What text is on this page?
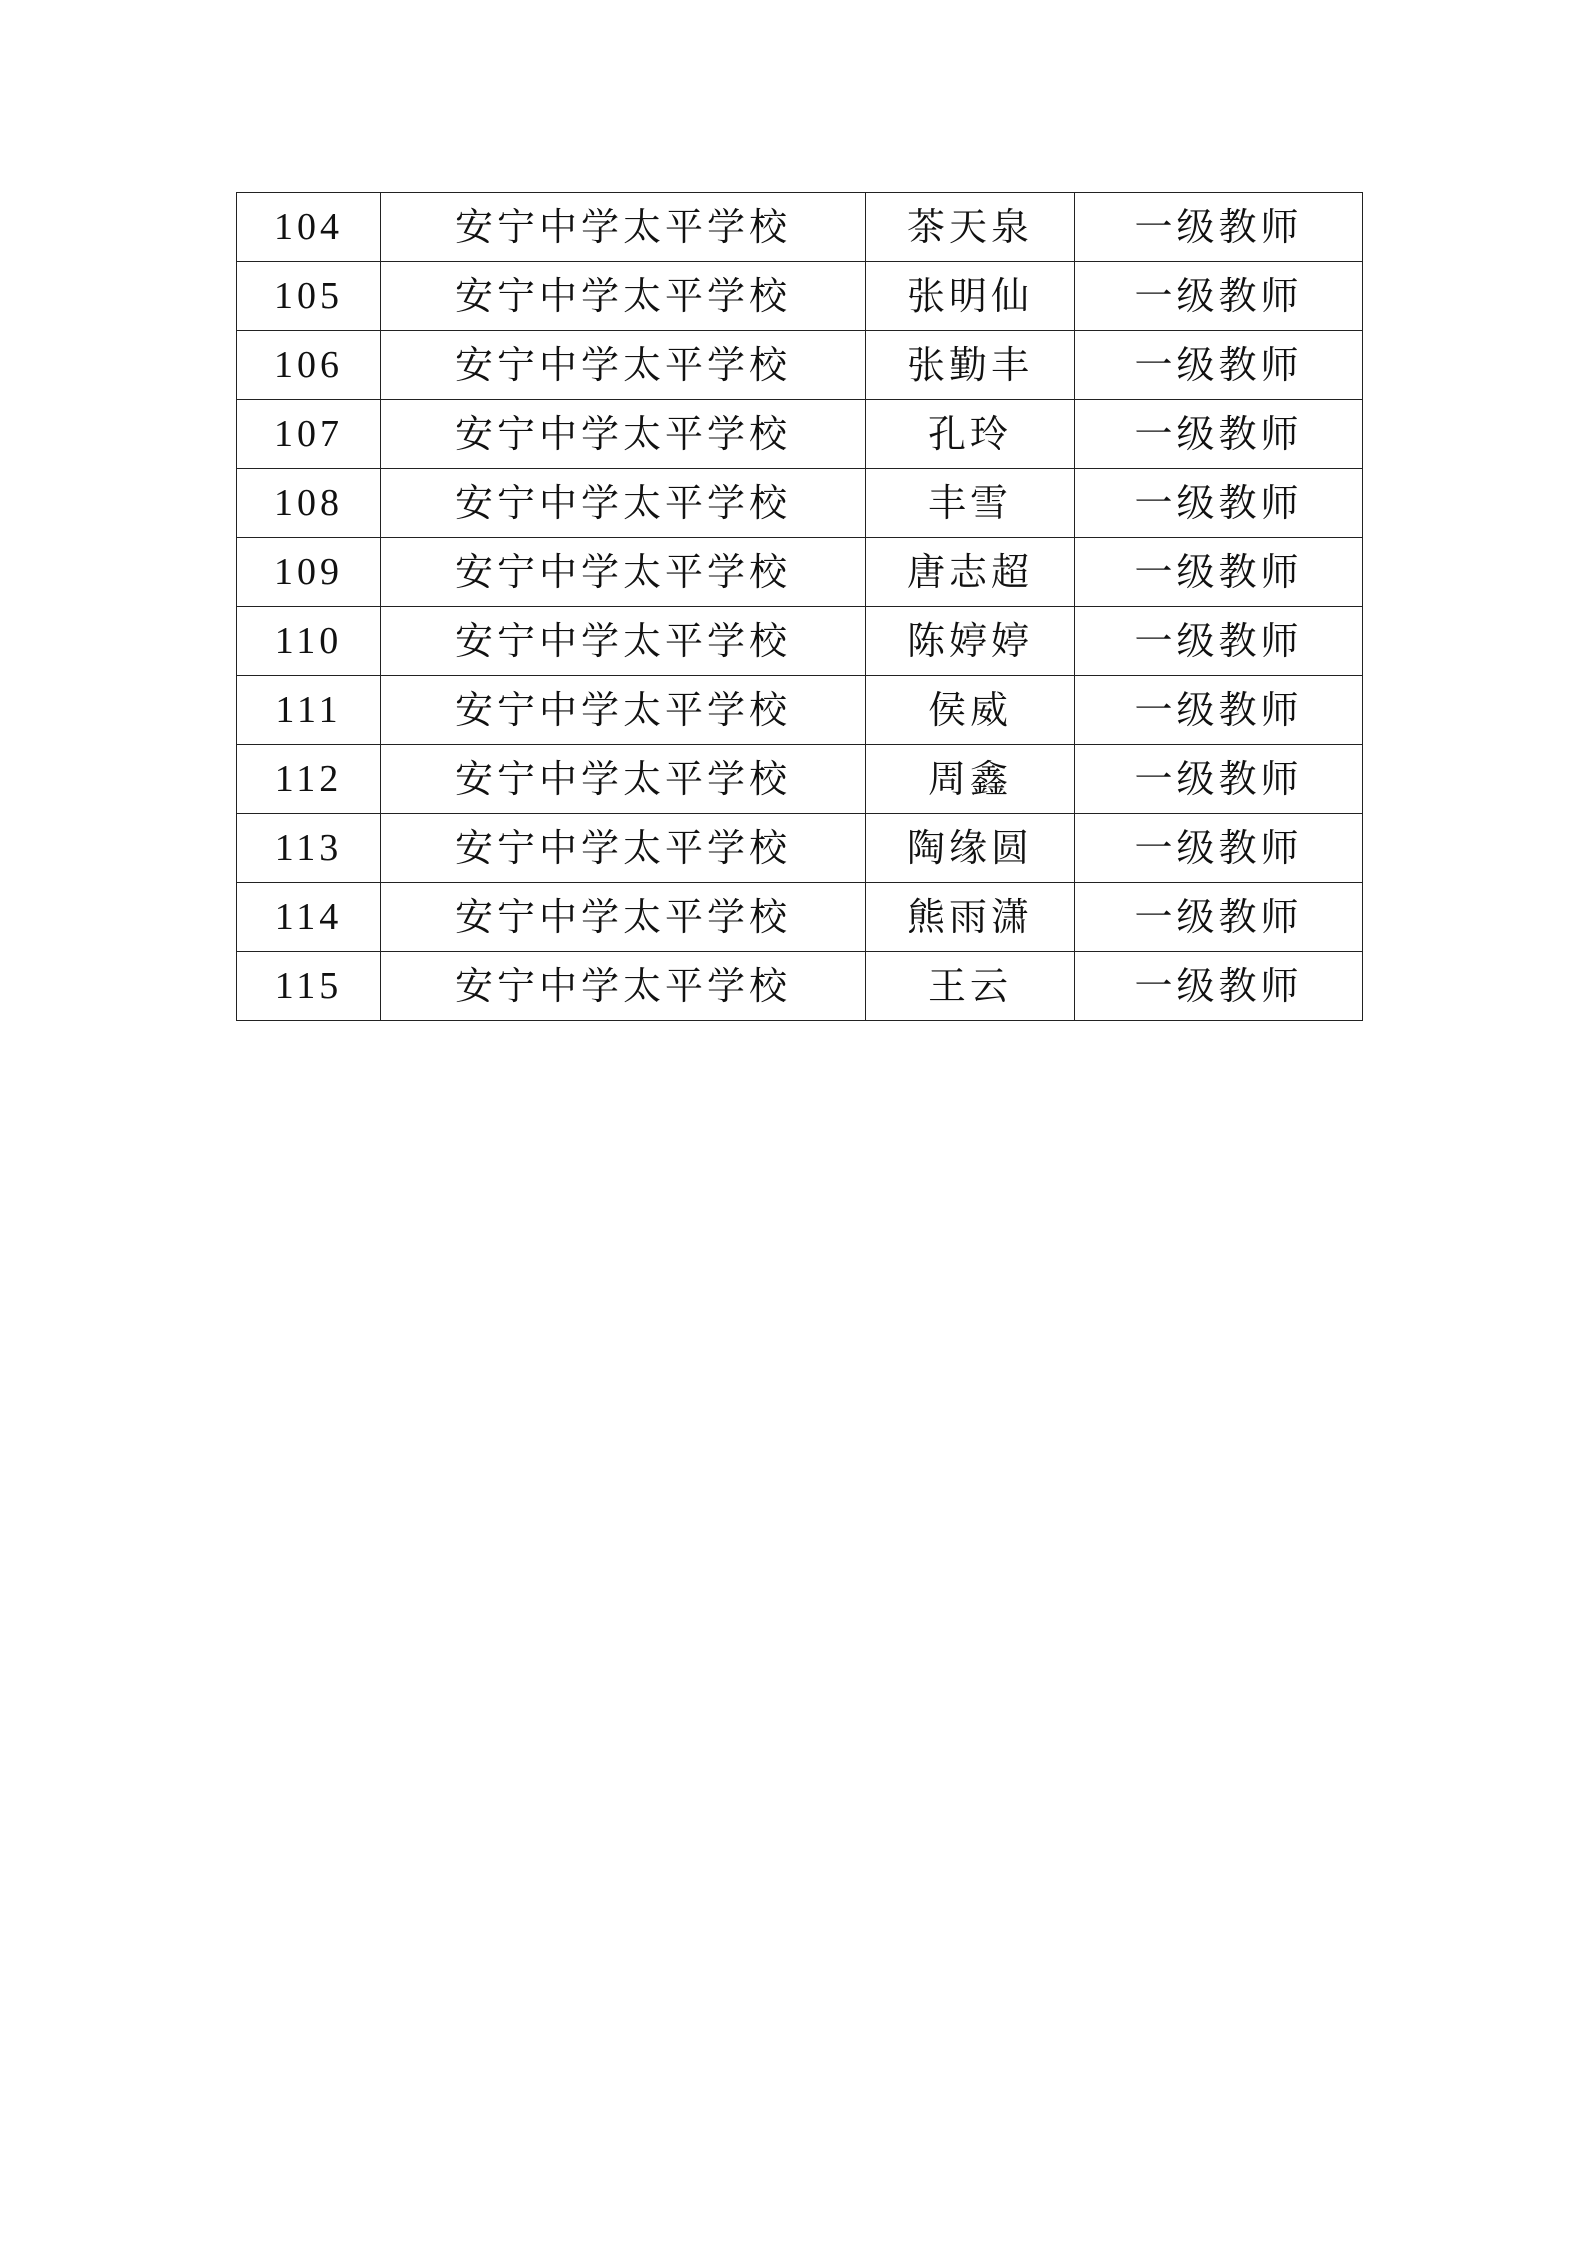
104	安宁中学太平学校	茶天泉	一级教师
105	安宁中学太平学校	张明仙	一级教师
106	安宁中学太平学校	张勤丰	一级教师
107	安宁中学太平学校	孔玲	一级教师
108	安宁中学太平学校	丰雪	一级教师
109	安宁中学太平学校	唐志超	一级教师
110	安宁中学太平学校	陈婷婷	一级教师
111	安宁中学太平学校	侯威	一级教师
112	安宁中学太平学校	周鑫	一级教师
113	安宁中学太平学校	陶缘圆	一级教师
114	安宁中学太平学校	熊雨潇	一级教师
115	安宁中学太平学校	王云	一级教师
